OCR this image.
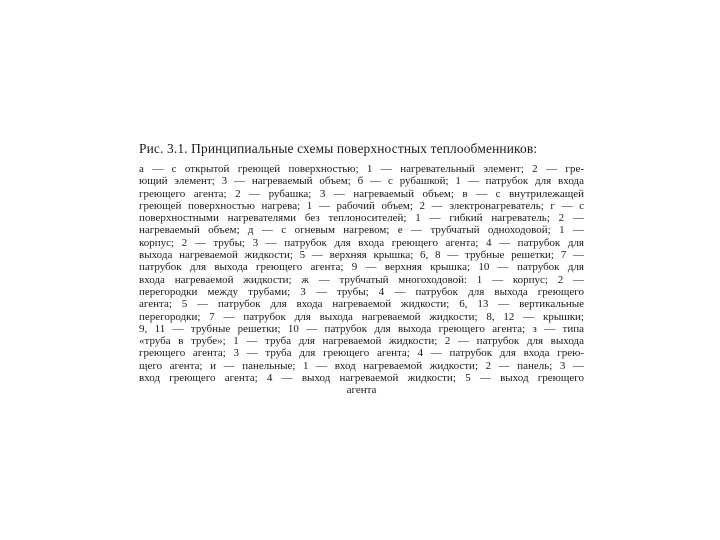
Рис. 3.1. Принципиальные схемы поверхностных теплообменников:
а — с открытой греющей поверхностью; 1 — нагревательный элемент; 2 — гре-
ющий элемент; 3 — нагреваемый объем; б — с рубашкой; 1 — патрубок для входа
греющего агента; 2 — рубашка; 3 — нагреваемый объем; в — с внутрилежащей
греющей поверхностью нагрева; 1 — рабочий объем; 2 — электронагреватель; г — с
поверхностными нагревателями без теплоносителей; 1 — гибкий нагреватель; 2 —
нагреваемый объем; д — с огневым нагревом; е — трубчатый одноходовой; 1 —
корпус; 2 — трубы; 3 — патрубок для входа греющего агента; 4 — патрубок для
выхода нагреваемой жидкости; 5 — верхняя крышка; 6, 8 — трубные решетки; 7 —
патрубок для выхода греющего агента; 9 — верхняя крышка; 10 — патрубок для
входа нагреваемой жидкости; ж — трубчатый многоходовой: 1 — корпус; 2 —
перегородки между трубами; 3 — трубы; 4 — патрубок для выхода греющего
агента; 5 — патрубок для входа нагреваемой жидкости; 6, 13 — вертикальные
перегородки; 7 — патрубок для выхода нагреваемой жидкости; 8, 12 — крышки;
9, 11 — трубные решетки; 10 — патрубок для выхода греющего агента; з — типа
«труба в трубе»; 1 — труба для нагреваемой жидкости; 2 — патрубок для выхода
греющего агента; 3 — труба для греющего агента; 4 — патрубок для входа грею-
щего агента; и — панельные; 1 — вход нагреваемой жидкости; 2 — панель; 3 —
вход греющего агента; 4 — выход нагреваемой жидкости; 5 — выход греющего
агента
